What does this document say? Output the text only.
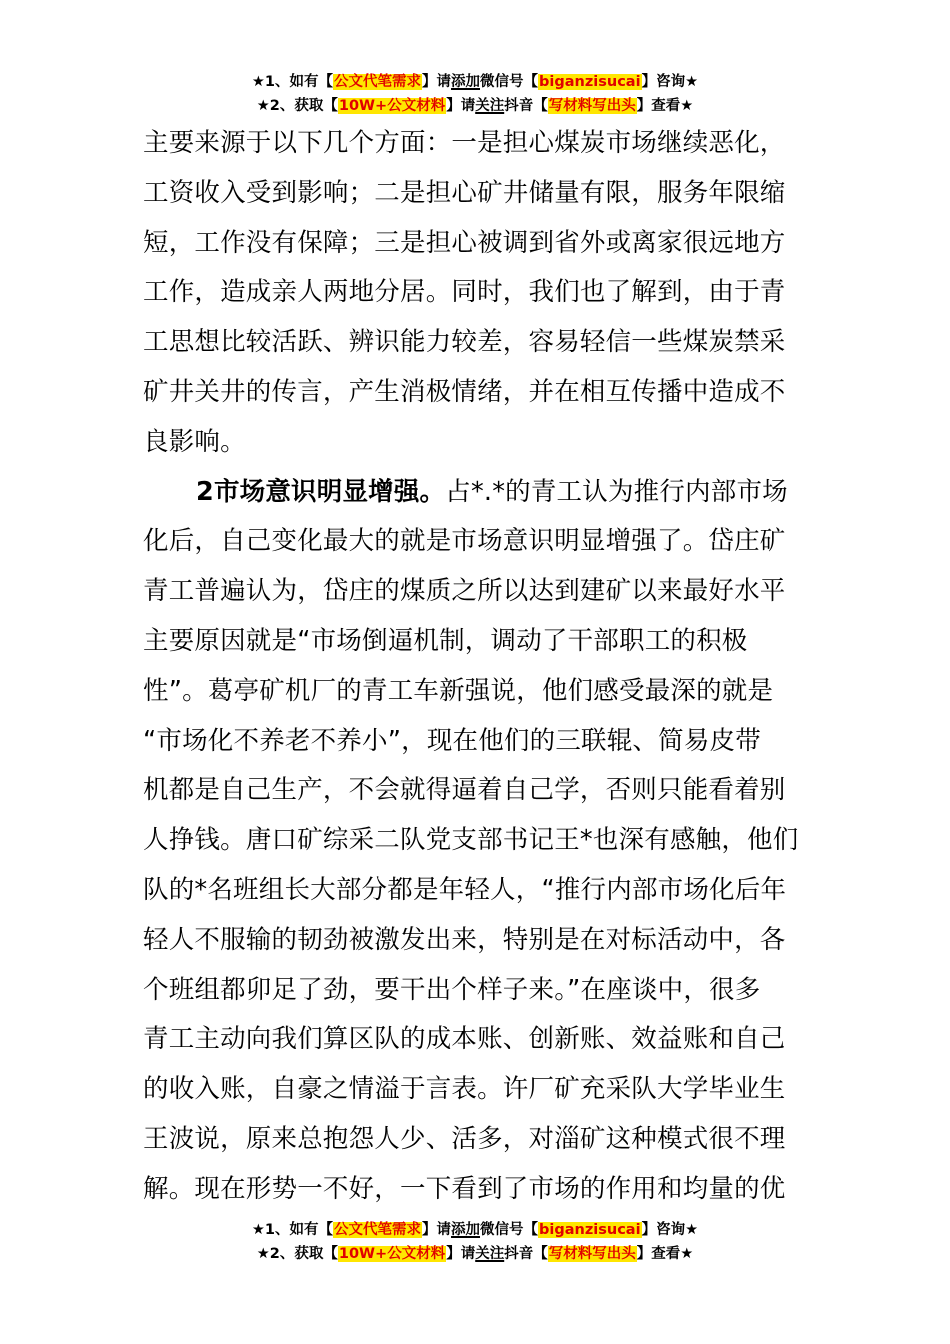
★1、如有【公文代笔需求】请添加微信号【biganzisucai】咨询★
★2、获取【10W+公文材料】请关注抖音【写材料写出头】查看★
主要来源于以下几个方面：一是担心煤炭市场继续恶化，
工资收入受到影响；二是担心矿井储量有限，服务年限缩
短，工作没有保障；三是担心被调到省外或离家很远地方
工作，造成亲人两地分居。同时，我们也了解到，由于青
工思想比较活跃、辨识能力较差，容易轻信一些煤炭禁采
矿井关井的传言，产生消极情绪，并在相互传播中造成不
良影响。
2市场意识明显增强。占*.*的青工认为推行内部市场
化后，自己变化最大的就是市场意识明显增强了。岱庄矿
青工普遍认为，岱庄的煤质之所以达到建矿以来最好水平
主要原因就是“市场倒逼机制，调动了干部职工的积极
性”。葛亭矿机厂的青工车新强说，他们感受最深的就是
“市场化不养老不养小”，现在他们的三联辊、简易皮带
机都是自己生产，不会就得逼着自己学，否则只能看着别
人挣钱。唐口矿综采二队党支部书记王*也深有感触，他们
队的*名班组长大部分都是年轻人，“推行内部市场化后年
轻人不服输的韧劲被激发出来，特别是在对标活动中，各
个班组都卯足了劲，要干出个样子来。”在座谈中，很多
青工主动向我们算区队的成本账、创新账、效益账和自己
的收入账，自豪之情溢于言表。许厂矿充采队大学毕业生
王波说，原来总抱怨人少、活多，对淄矿这种模式很不理
解。现在形势一不好，一下看到了市场的作用和均量的优
★1、如有【公文代笔需求】请添加微信号【biganzisucai】咨询★
★2、获取【10W+公文材料】请关注抖音【写材料写出头】查看★
